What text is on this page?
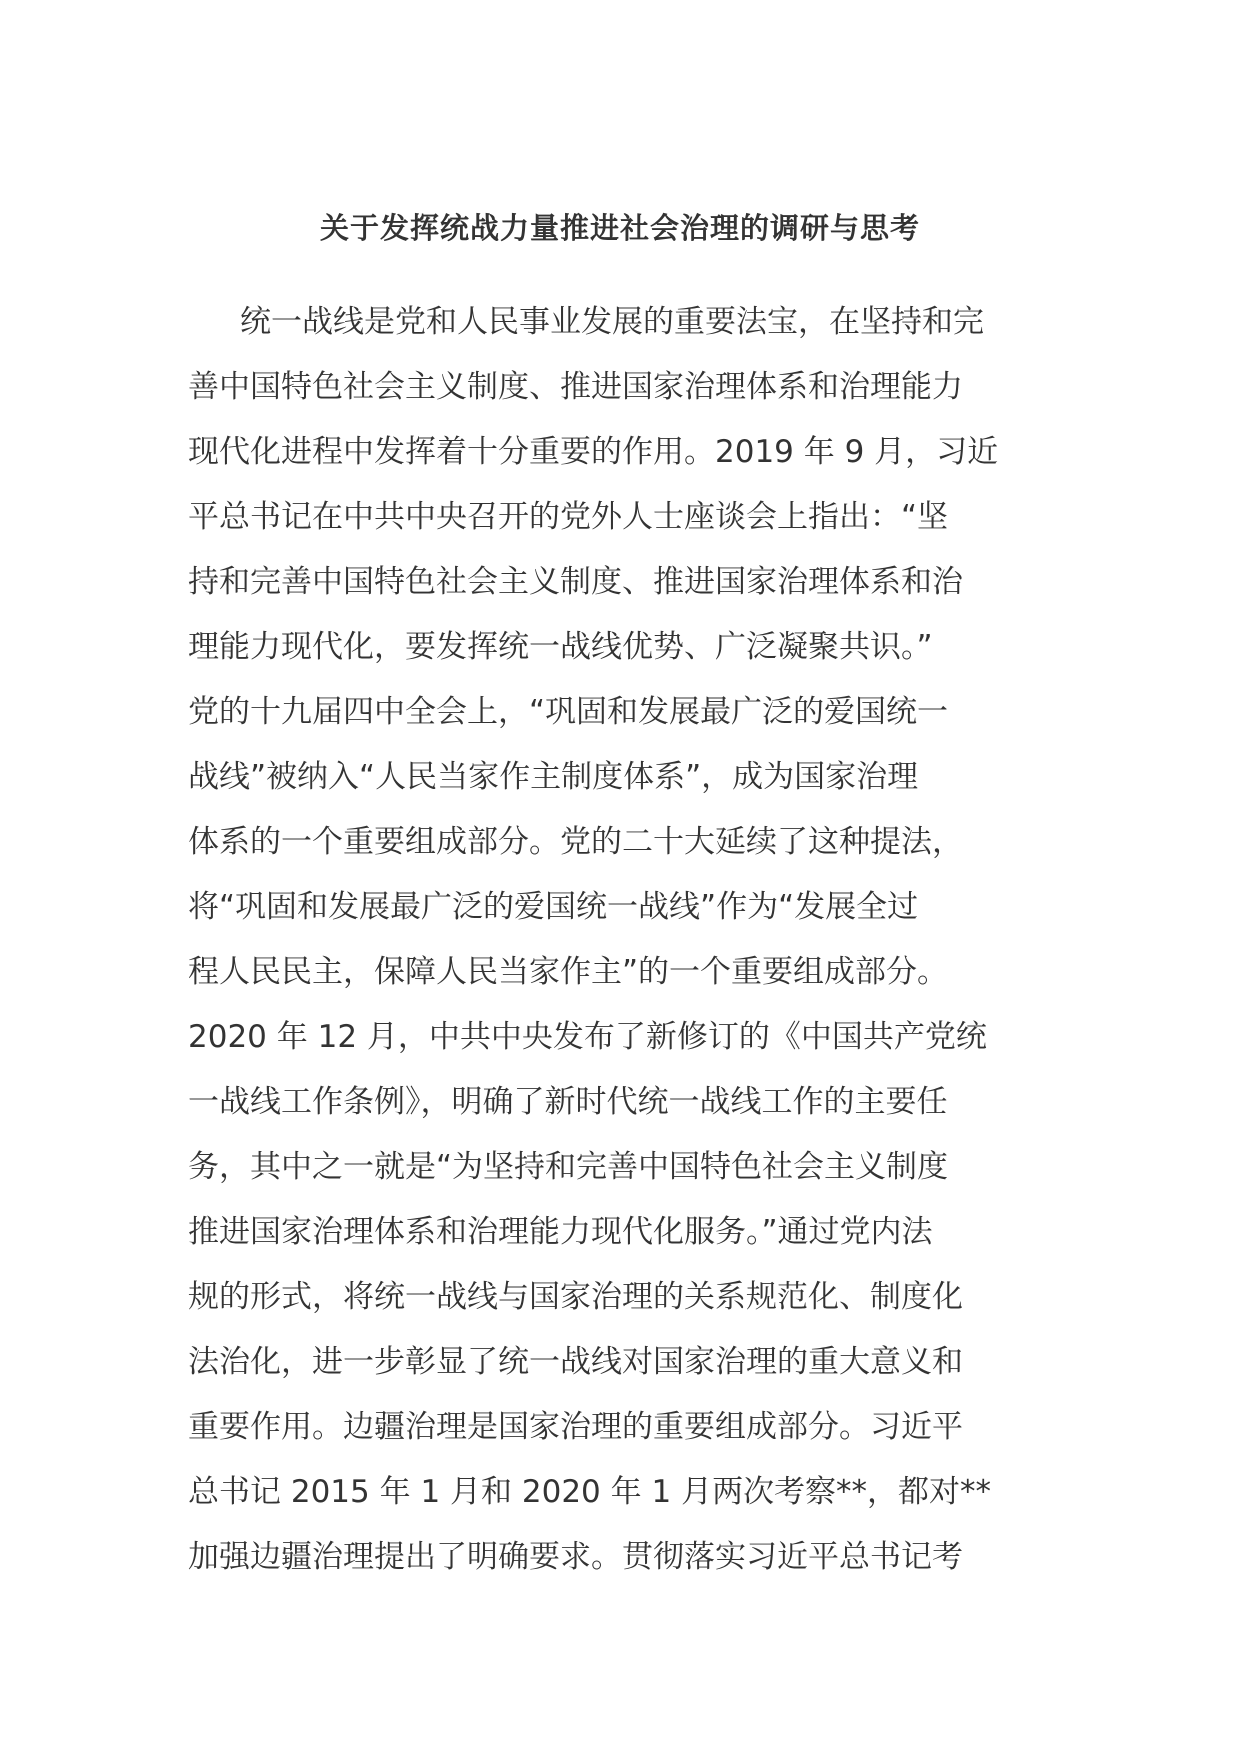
关于发挥统战力量推进社会治理的调研与思考
统一战线是党和人民事业发展的重要法宝，在坚持和完
善中国特色社会主义制度、推进国家治理体系和治理能力
现代化进程中发挥着十分重要的作用。2019 年 9 月，习近
平总书记在中共中央召开的党外人士座谈会上指出：“坚
持和完善中国特色社会主义制度、推进国家治理体系和治
理能力现代化，要发挥统一战线优势、广泛凝聚共识。”
党的十九届四中全会上，“巩固和发展最广泛的爱国统一
战线”被纳入“人民当家作主制度体系”，成为国家治理
体系的一个重要组成部分。党的二十大延续了这种提法，
将“巩固和发展最广泛的爱国统一战线”作为“发展全过
程人民民主，保障人民当家作主”的一个重要组成部分。
2020 年 12 月，中共中央发布了新修订的《中国共产党统
一战线工作条例》，明确了新时代统一战线工作的主要任
务，其中之一就是“为坚持和完善中国特色社会主义制度
推进国家治理体系和治理能力现代化服务。”通过党内法
规的形式，将统一战线与国家治理的关系规范化、制度化
法治化，进一步彰显了统一战线对国家治理的重大意义和
重要作用。边疆治理是国家治理的重要组成部分。习近平
总书记 2015 年 1 月和 2020 年 1 月两次考察**，都对**
加强边疆治理提出了明确要求。贯彻落实习近平总书记考
